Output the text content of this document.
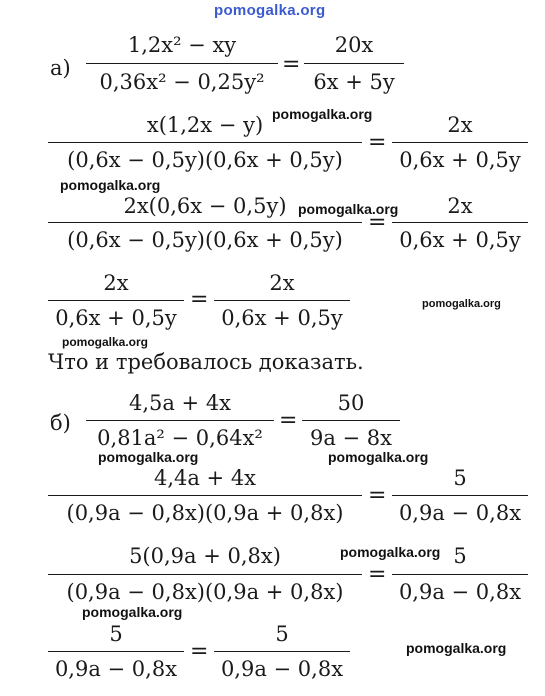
pomogalka.org
pomogalka.org
pomogalka.org
pomogalka.org
pomogalka.org
pomogalka.org
pomogalka.org	pomogalka.org
pomogalka.org
pomogalka.org
pomogalka.org
а)
1,2x² − xy
0,36x² − 0,25y²
=
20x
6x + 5y
x(1,2x − y)
(0,6x − 0,5y)(0,6x + 0,5y)
=
2x
0,6x + 0,5y
2x(0,6x − 0,5y)
(0,6x − 0,5y)(0,6x + 0,5y)
=
2x
0,6x + 0,5y
2x
0,6x + 0,5y
=
2x
0,6x + 0,5y
Что и требовалось доказать.
б)
4,5a + 4x
0,81a² − 0,64x²
=
50
9a − 8x
4,4a + 4x
(0,9a − 0,8x)(0,9a + 0,8x)
=
5
0,9a − 0,8x
5(0,9a + 0,8x)
(0,9a − 0,8x)(0,9a + 0,8x)
=
5
0,9a − 0,8x
5
0,9a − 0,8x
=
5
0,9a − 0,8x
